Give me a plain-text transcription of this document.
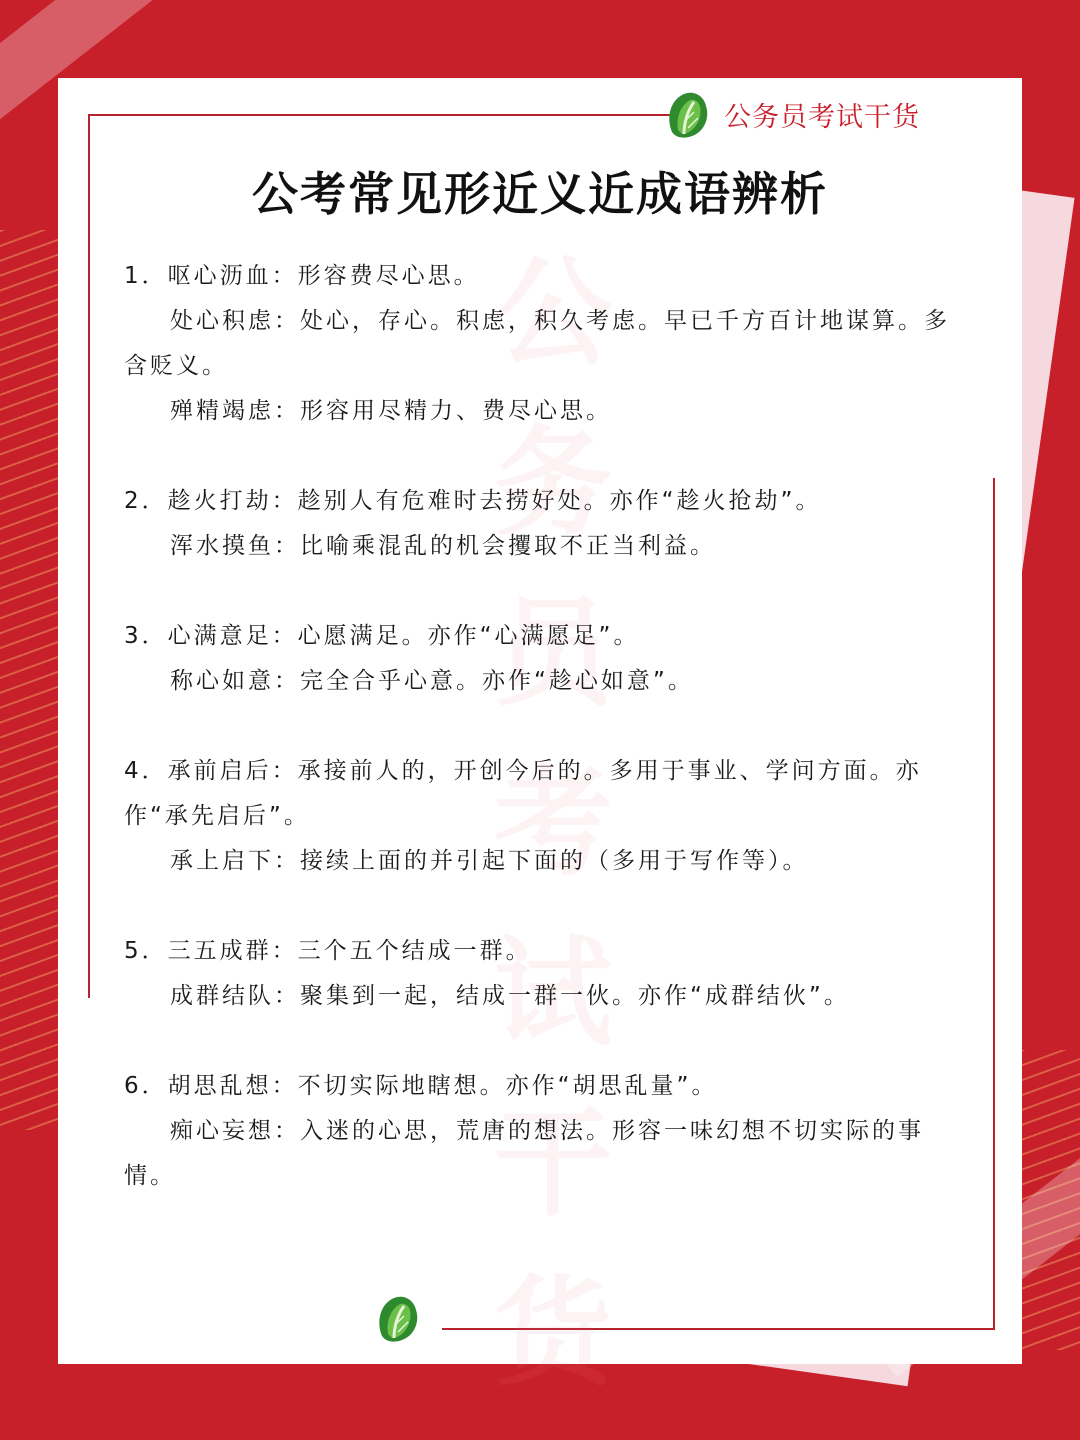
公务员考试干货
公考常见形近义近成语辨析
公
务
员
考
试
干
货
1．呕心沥血：形容费尽心思。
处心积虑：处心，存心。积虑，积久考虑。早已千方百计地谋算。多含贬义。
殚精竭虑：形容用尽精力、费尽心思。
2．趁火打劫：趁别人有危难时去捞好处。亦作“趁火抢劫”。
浑水摸鱼：比喻乘混乱的机会攫取不正当利益。
3．心满意足：心愿满足。亦作“心满愿足”。
称心如意：完全合乎心意。亦作“趁心如意”。
4．承前启后：承接前人的，开创今后的。多用于事业、学问方面。亦作“承先启后”。
承上启下：接续上面的并引起下面的（多用于写作等）。
5．三五成群：三个五个结成一群。
成群结队：聚集到一起，结成一群一伙。亦作“成群结伙”。
6．胡思乱想：不切实际地瞎想。亦作“胡思乱量”。
痴心妄想：入迷的心思，荒唐的想法。形容一味幻想不切实际的事情。
